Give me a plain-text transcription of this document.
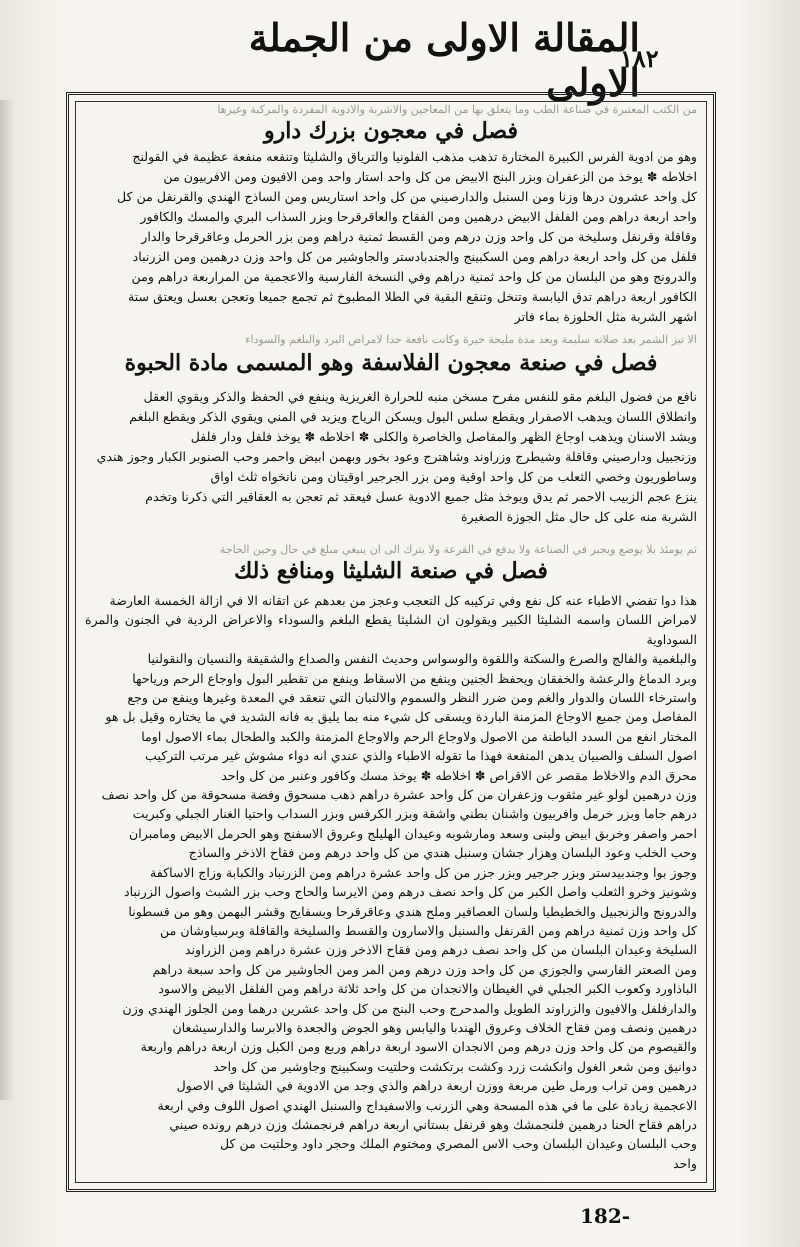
المقالة الاولى من الجملة الاولى
١٨٢
من الكتب المعتبرة في صناعة الطب وما يتعلق بها من المعاجين والاشربة والادوية المفردة والمركبة وغيرها
فصل في معجون بزرك دارو

وهو من ادوية الفرس الكبيرة المختارة تذهب مذهب الفلونيا والترياق والشليثا وتنفعه منفعة عظيمة في القولنج

اخلاطه ✽ يوخذ من الزعفران وبزر البنج الابيض من كل واحد استار واحد ومن الافيون ومن الافربيون من

كل واحد عشرون درها وزنا ومن السنبل والدارصيني من كل واحد استاريس ومن الساذج الهندي والقرنفل من كل

واحد اربعة دراهم ومن الفلفل الابيض درهمين ومن الفقاح والعاقرقرحا وبزر السذاب البري والمسك والكافور

وقاقلة وقرنفل وسليخة من كل واحد وزن درهم ومن القسط ثمنية دراهم ومن بزر الحرمل وعاقرقرحا والدار

فلفل من كل واحد اربعة دراهم ومن السكبينج والجندبادستر والجاوشير من كل واحد وزن درهمين ومن الزرنباد

والدرونج وهو من البلسان من كل واحد ثمنية دراهم وفي النسخة الفارسية والاعجمية من المراربعة دراهم ومن

الكافور اربعة دراهم تدق اليابسة وتنخل وتنقع البقية في الطلا المطبوخ ثم تجمع جميعا وتعجن بعسل ويعتق ستة

اشهر الشربة مثل الحلوزة بماء فاتر

الا تيز الشمر بعد صلاته سليمة وبعد مدة مليحة خيرة وكانت نافعة جدا لامراض البرد والبلغم والسوداء
فصل في صنعة معجون الفلاسفة وهو المسمى مادة الحبوة

نافع من فضول البلغم مقو للنفس مفرح مسخن منبه للحرارة الغريزية وينفع في الحفظ والذكر ويقوي العقل

وانطلاق اللسان ويدهب الاصفرار ويقطع سلس البول ويسكن الرياح ويزيد في المني ويقوي الذكر ويقطع البلغم

ويشد الاسنان ويذهب اوجاع الظهر والمفاصل والخاصرة والكلى ✽ اخلاطه ✽ يوخذ فلفل ودار فلفل

وزنجبيل ودارصيني وقاقلة وشيطرج وزراوند وشاهترج وعود بخور وبهمن ابيض واحمر وحب الصنوبر الكبار وجوز هندي

وساطوريون وخصي الثعلب من كل واحد اوقية ومن بزر الجرجير اوقيتان ومن نانخواه ثلث اواق

ينزع عجم الزبيب الاحمر ثم يدق ويوخذ مثل جميع الادوية عسل فيعقد ثم تعجن به العقاقير التي ذكرنا وتخدم

الشربة منه على كل حال مثل الجوزة الصغيرة

ثم يومئذ بلا يوضع ويجبر في الصناعة ولا يدفع في القرعة ولا يترك الى ان ينبغي مبلغ في حال وحين الحاجة
فصل في صنعة الشليثا ومنافع ذلك

هذا دوا تفضي الاطباء عنه كل نفع وفي تركيبه كل التعجب وعجز من بعدهم عن اتقانه الا في ازالة الخمسة العارضة

لامراض اللسان واسمه الشليثا الكبير ويقولون ان الشليثا يقطع البلغم والسوداء والاعراض الردية في الجنون والمرة السوداوية

والبلغمية والفالج والصرع والسكتة واللقوة والوسواس وحديث النفس والصداع والشقيقة والنسيان والنقولنيا

وبرد الدماغ والرعشة والخفقان ويحفظ الجنين وينفع من الاسقاط وينفع من تقطير البول واوجاع الرحم ورياحها

واسترخاء اللسان والدوار والغم ومن ضرر النظر والسموم والالتبان التي تنعقد في المعدة وغيرها وينفع من وجع

المفاصل ومن جميع الاوجاع المزمنة الباردة ويسقى كل شيء منه بما يليق به فانه الشديد في ما يختاره وقيل بل هو

المختار انفع من السدد الباطنة من الاصول ولاوجاع الرحم والاوجاع المزمنة والكبد والطحال بماء الاصول اوما

اصول السلف والصبيان يدهن المنفعة فهذا ما تقوله الاطباء والذي عندي انه دواء مشوش غير مرتب التركيب

محرق الدم والاخلاط مقصر عن الاقراص ✽ اخلاطه ✽ يوخذ مسك وكافور وعنبر من كل واحد

وزن درهمين لولو غير مثقوب وزعفران من كل واحد عشرة دراهم ذهب مسحوق وفضة مسحوقة من كل واحد نصف

درهم جاما وبزر خرمل وافربيون واشنان بطني واشقة وبزر الكرفس وبزر السداب واحتيا الغنار الجبلي وكبريت

احمر واصفر وخربق ابيض ولبنى وسعد ومارشوبه وعيدان الهليلج وعروق الاسفنج وهو الحرمل الابيض ومامبران

وحب الخلب وعود البلسان وهزار جشان وسنبل هندي من كل واحد درهم ومن فقاح الاذخر والساذج

وجوز بوا وجندبيدستر وبزر جرجير وبزر جزر من كل واحد عشرة دراهم ومن الزرنباد والكبابة وزاج الاساكفة

وشونيز وخرو الثعلب واصل الكبر من كل واحد نصف درهم ومن الايرسا والحاج وحب بزر الشبث واصول الزرنباد

والدرونج والزنجبيل والخطيطيا ولسان العصافير وملح هندي وعاقرقرحا وبسفايج وقشر البهمن وهو من قسطونا

كل واحد وزن ثمنية دراهم ومن القرنفل والسنبل والاسارون والقسط والسليخة والقاقلة وبرسياوشان من

السليخة وعيدان البلسان من كل واحد نصف درهم ومن فقاح الاذخر وزن عشرة دراهم ومن الزراوند

ومن الصعتر الفارسي والجوزي من كل واحد وزن درهم ومن المر ومن الجاوشير من كل واحد سبعة دراهم

الباذاورد وكعوب الكبر الجبلي في الغيطان والانجدان من كل واحد ثلاثة دراهم ومن الفلفل الابيض والاسود

والدارفلفل والافيون والزراوند الطويل والمدحرج وحب البنج من كل واحد عشرين درهما ومن الجلوز الهندي وزن

درهمين ونصف ومن فقاح الخلاف وعروق الهندبا واليابس وهو الجوض والجعدة والابرسا والدارسيشعان

والقيصوم من كل واحد وزن درهم ومن الانجدان الاسود اربعة دراهم وربع ومن الكبل وزن اربعة دراهم واربعة

دوانيق ومن شعر الغول وانكشت زرد وكشت برتكشت وحلتيت وسكبينج وجاوشير من كل واحد

درهمين ومن تراب ورمل طين مربعة ووزن اربعة دراهم والذي وجد من الادوية في الشليثا في الاصول

الاعجمية زيادة على ما في هذه المسحة وهي الزرنب والاسفيداج والسنبل الهندي اصول اللوف وفي اربعة

دراهم فقاح الحنا درهمين فلنجمشك وهو قرنفل بستاني اربعة دراهم فرنجمشك وزن درهم رونده صيني

وحب البلسان وعيدان البلسان وحب الاس المصري ومختوم الملك وحجر داود وحلتيت من كل

واحد

182-
